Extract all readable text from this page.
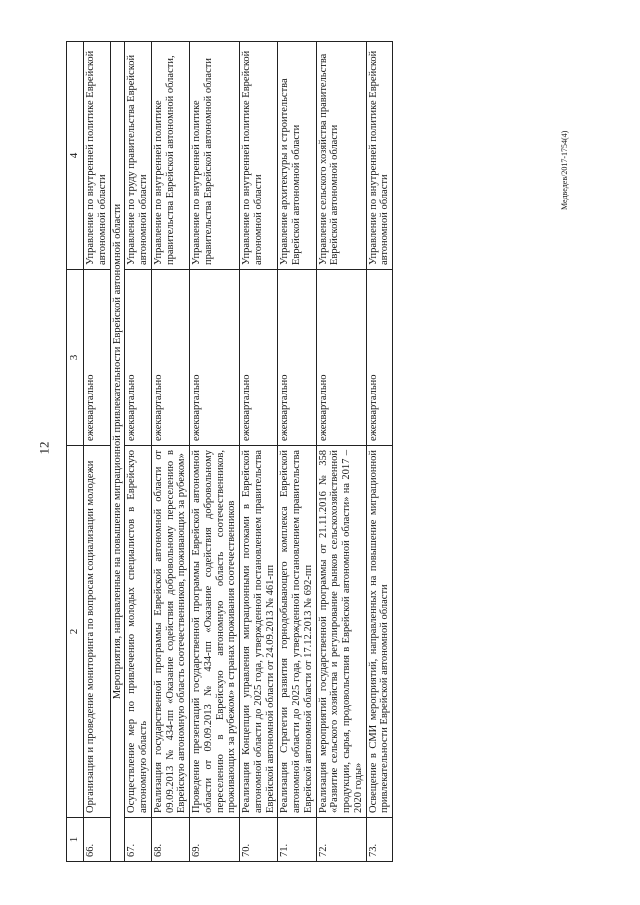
12
Медведев/2017-1754(4)
1	2	3	4
66.	Организация и проведение мониторинга по вопросам социализации молодежи	ежеквартально	Управление по внутренней политике Еврейской автономной области
Мероприятия, направленные на повышение миграционной привлекательности Еврейской автономной области			
67.	Осуществление мер по привлечению молодых специалистов в Еврейскую автономную область	ежеквартально	Управление по труду правительства Еврейской автономной области
68.	Реализация государственной программы Еврейской автономной области от 09.09.2013 № 434-пп «Оказание содействия добровольному переселению в Еврейскую автономную область соотечественников, проживающих за рубежом»	ежеквартально	Управление по внутренней политике правительства Еврейской автономной области,
69.	Проведение презентаций государственной программы Еврейской автономной области от 09.09.2013 № 434-пп «Оказание содействия добровольному переселению в Еврейскую автономную область соотечественников, проживающих за рубежом» в странах проживания соотечественников	ежеквартально	Управление по внутренней политике правительства Еврейской автономной области
70.	Реализация Концепции управления миграционными потоками в Еврейской автономной области до 2025 года, утвержденной постановлением правительства Еврейской автономной области от 24.09.2013 № 461-пп	ежеквартально	Управление по внутренней политике Еврейской автономной области
71.	Реализация Стратегии развития горнодобывающего комплекса Еврейской автономной области до 2025 года, утвержденной постановлением правительства Еврейской автономной области от 17.12.2013 № 692-пп	ежеквартально	Управление архитектуры и строительства Еврейской автономной области
72.	Реализация мероприятий государственной программы от 21.11.2016 № 358 «Развитие сельского хозяйства и регулирование рынков сельскохозяйственной продукции, сырья, продовольствия в Еврейской автономной области» на 2017 – 2020 годы»	ежеквартально	Управление сельского хозяйства правительства Еврейской автономной области
73.	Освещение в СМИ мероприятий, направленных на повышение миграционной привлекательности Еврейской автономной области	ежеквартально	Управление по внутренней политике Еврейской автономной области
